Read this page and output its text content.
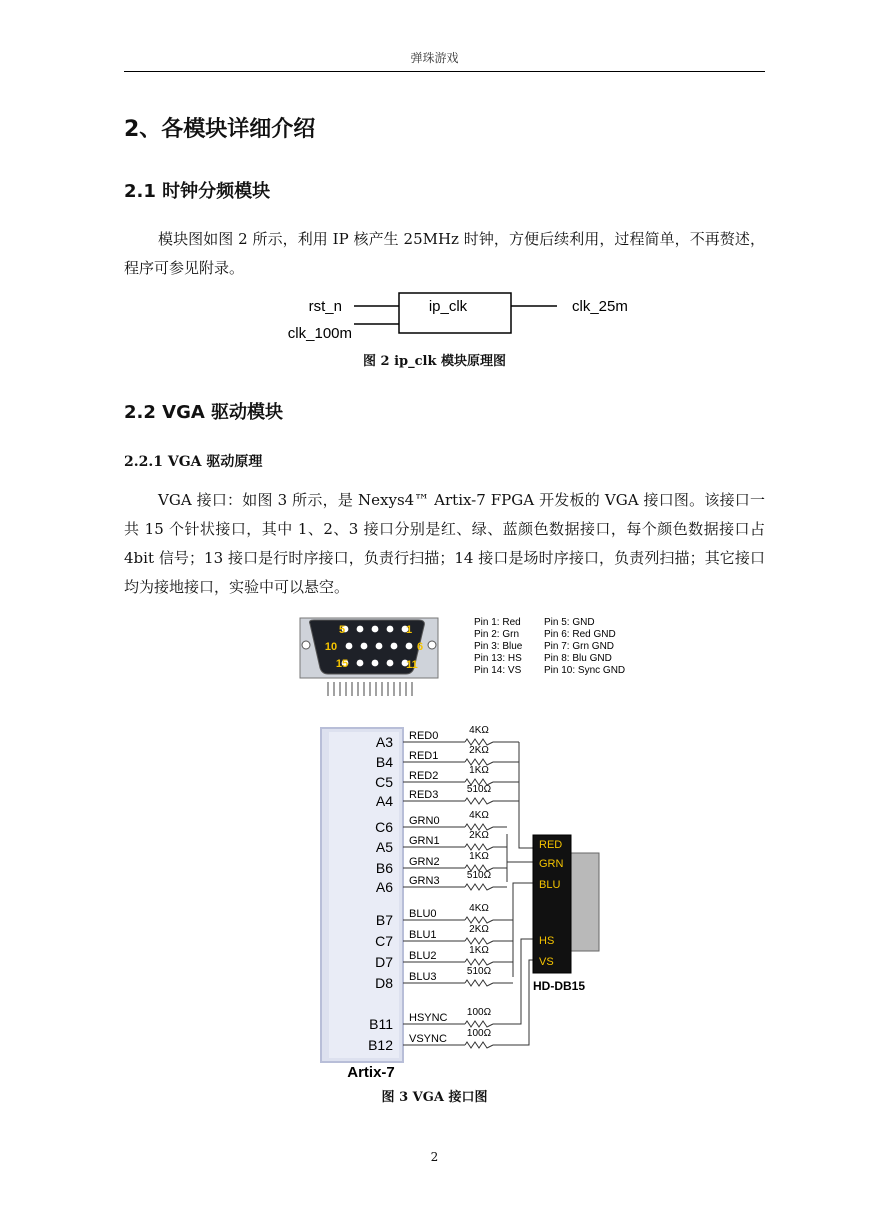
弹珠游戏
2、各模块详细介绍
2.1 时钟分频模块
模块图如图 2 所示，利用 IP 核产生 25MHz 时钟，方便后续利用，过程简单，不再赘述，程序可参见附录。
rst_n
clk_100m
ip_clk	clk_25m
图 2 ip_clk 模块原理图
2.2 VGA 驱动模块
2.2.1 VGA 驱动原理
VGA 接口：如图 3 所示，是 Nexys4™ Artix-7 FPGA 开发板的 VGA 接口图。该接口一共 15 个针状接口，其中 1、2、3 接口分别是红、绿、蓝颜色数据接口，每个颜色数据接口占 4bit 信号；13 接口是行时序接口，负责行扫描；14 接口是场时序接口，负责列扫描；其它接口均为接地接口，实验中可以悬空。
5	1
10	6
15	11
Pin 1: Red
Pin 2: Grn
Pin 3: Blue
Pin 13: HS
Pin 14: VS
Pin 5: GND
Pin 6: Red GND
Pin 7: Grn GND
Pin 8: Blu GND
Pin 10: Sync GND
Artix-7
A3 RED0	4KΩ
B4 RED1	2KΩ
C5 RED2	1KΩ
A4 RED3	510Ω
C6 GRN0	4KΩ
A5 GRN1	2KΩ
B6 GRN2	1KΩ
A6 GRN3	510Ω
B7 BLU0	4KΩ
C7 BLU1	2KΩ
D7 BLU2	1KΩ
D8 BLU3	510Ω
B11 HSYNC 100Ω
B12 VSYNC 100Ω
RED
GRN
BLU
HS
VS
HD-DB15
图 3 VGA 接口图
2
